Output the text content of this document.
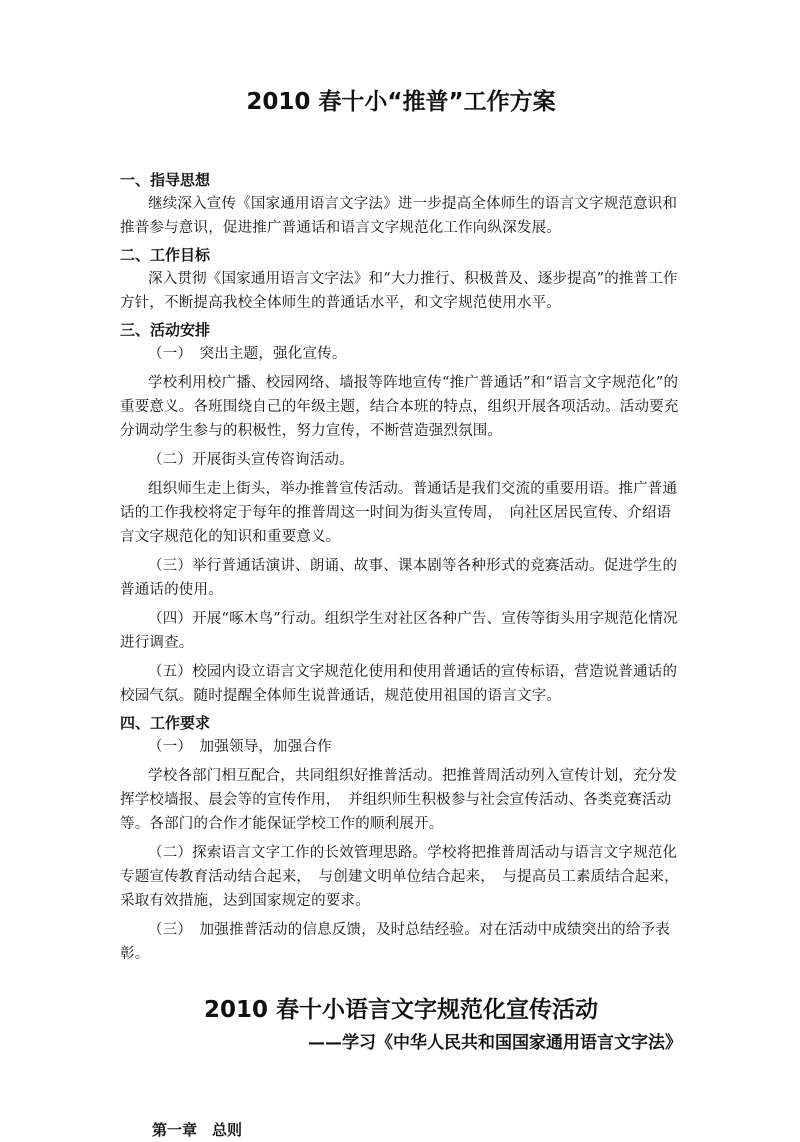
2010 春十小“推普”工作方案

一、指导思想

继续深入宣传《国家通用语言文字法》进一步提高全体师生的语言文字规范意识和推普参与意识，促进推广普通话和语言文字规范化工作向纵深发展。

二、工作目标

深入贯彻《国家通用语言文字法》和“大力推行、积极普及、逐步提高”的推普工作方针，不断提高我校全体师生的普通话水平，和文字规范使用水平。

三、活动安排

（一）　突出主题，强化宣传。

学校利用校广播、校园网络、墙报等阵地宣传“推广普通话”和“语言文字规范化”的重要意义。各班围绕自己的年级主题，结合本班的特点，组织开展各项活动。活动要充分调动学生参与的积极性，努力宣传，不断营造强烈氛围。

（二）开展街头宣传咨询活动。

组织师生走上街头，举办推普宣传活动。普通话是我们交流的重要用语。推广普通话的工作我校将定于每年的推普周这一时间为街头宣传周，　向社区居民宣传、介绍语言文字规范化的知识和重要意义。

（三）举行普通话演讲、朗诵、故事、课本剧等各种形式的竞赛活动。促进学生的普通话的使用。

（四）开展“啄木鸟”行动。组织学生对社区各种广告、宣传等街头用字规范化情况进行调查。

（五）校园内设立语言文字规范化使用和使用普通话的宣传标语，营造说普通话的校园气氛。随时提醒全体师生说普通话，规范使用祖国的语言文字。

四、工作要求

（一）　加强领导，加强合作

学校各部门相互配合，共同组织好推普活动。把推普周活动列入宣传计划，充分发挥学校墙报、晨会等的宣传作用，　并组织师生积极参与社会宣传活动、各类竞赛活动等。各部门的合作才能保证学校工作的顺利展开。

（二）探索语言文字工作的长效管理思路。学校将把推普周活动与语言文字规范化专题宣传教育活动结合起来，　与创建文明单位结合起来，　与提高员工素质结合起来，采取有效措施，达到国家规定的要求。

（三）　加强推普活动的信息反馈，及时总结经验。对在活动中成绩突出的给予表彰。

2010 春十小语言文字规范化宣传活动

——学习《中华人民共和国国家通用语言文字法》

第一章　总则
